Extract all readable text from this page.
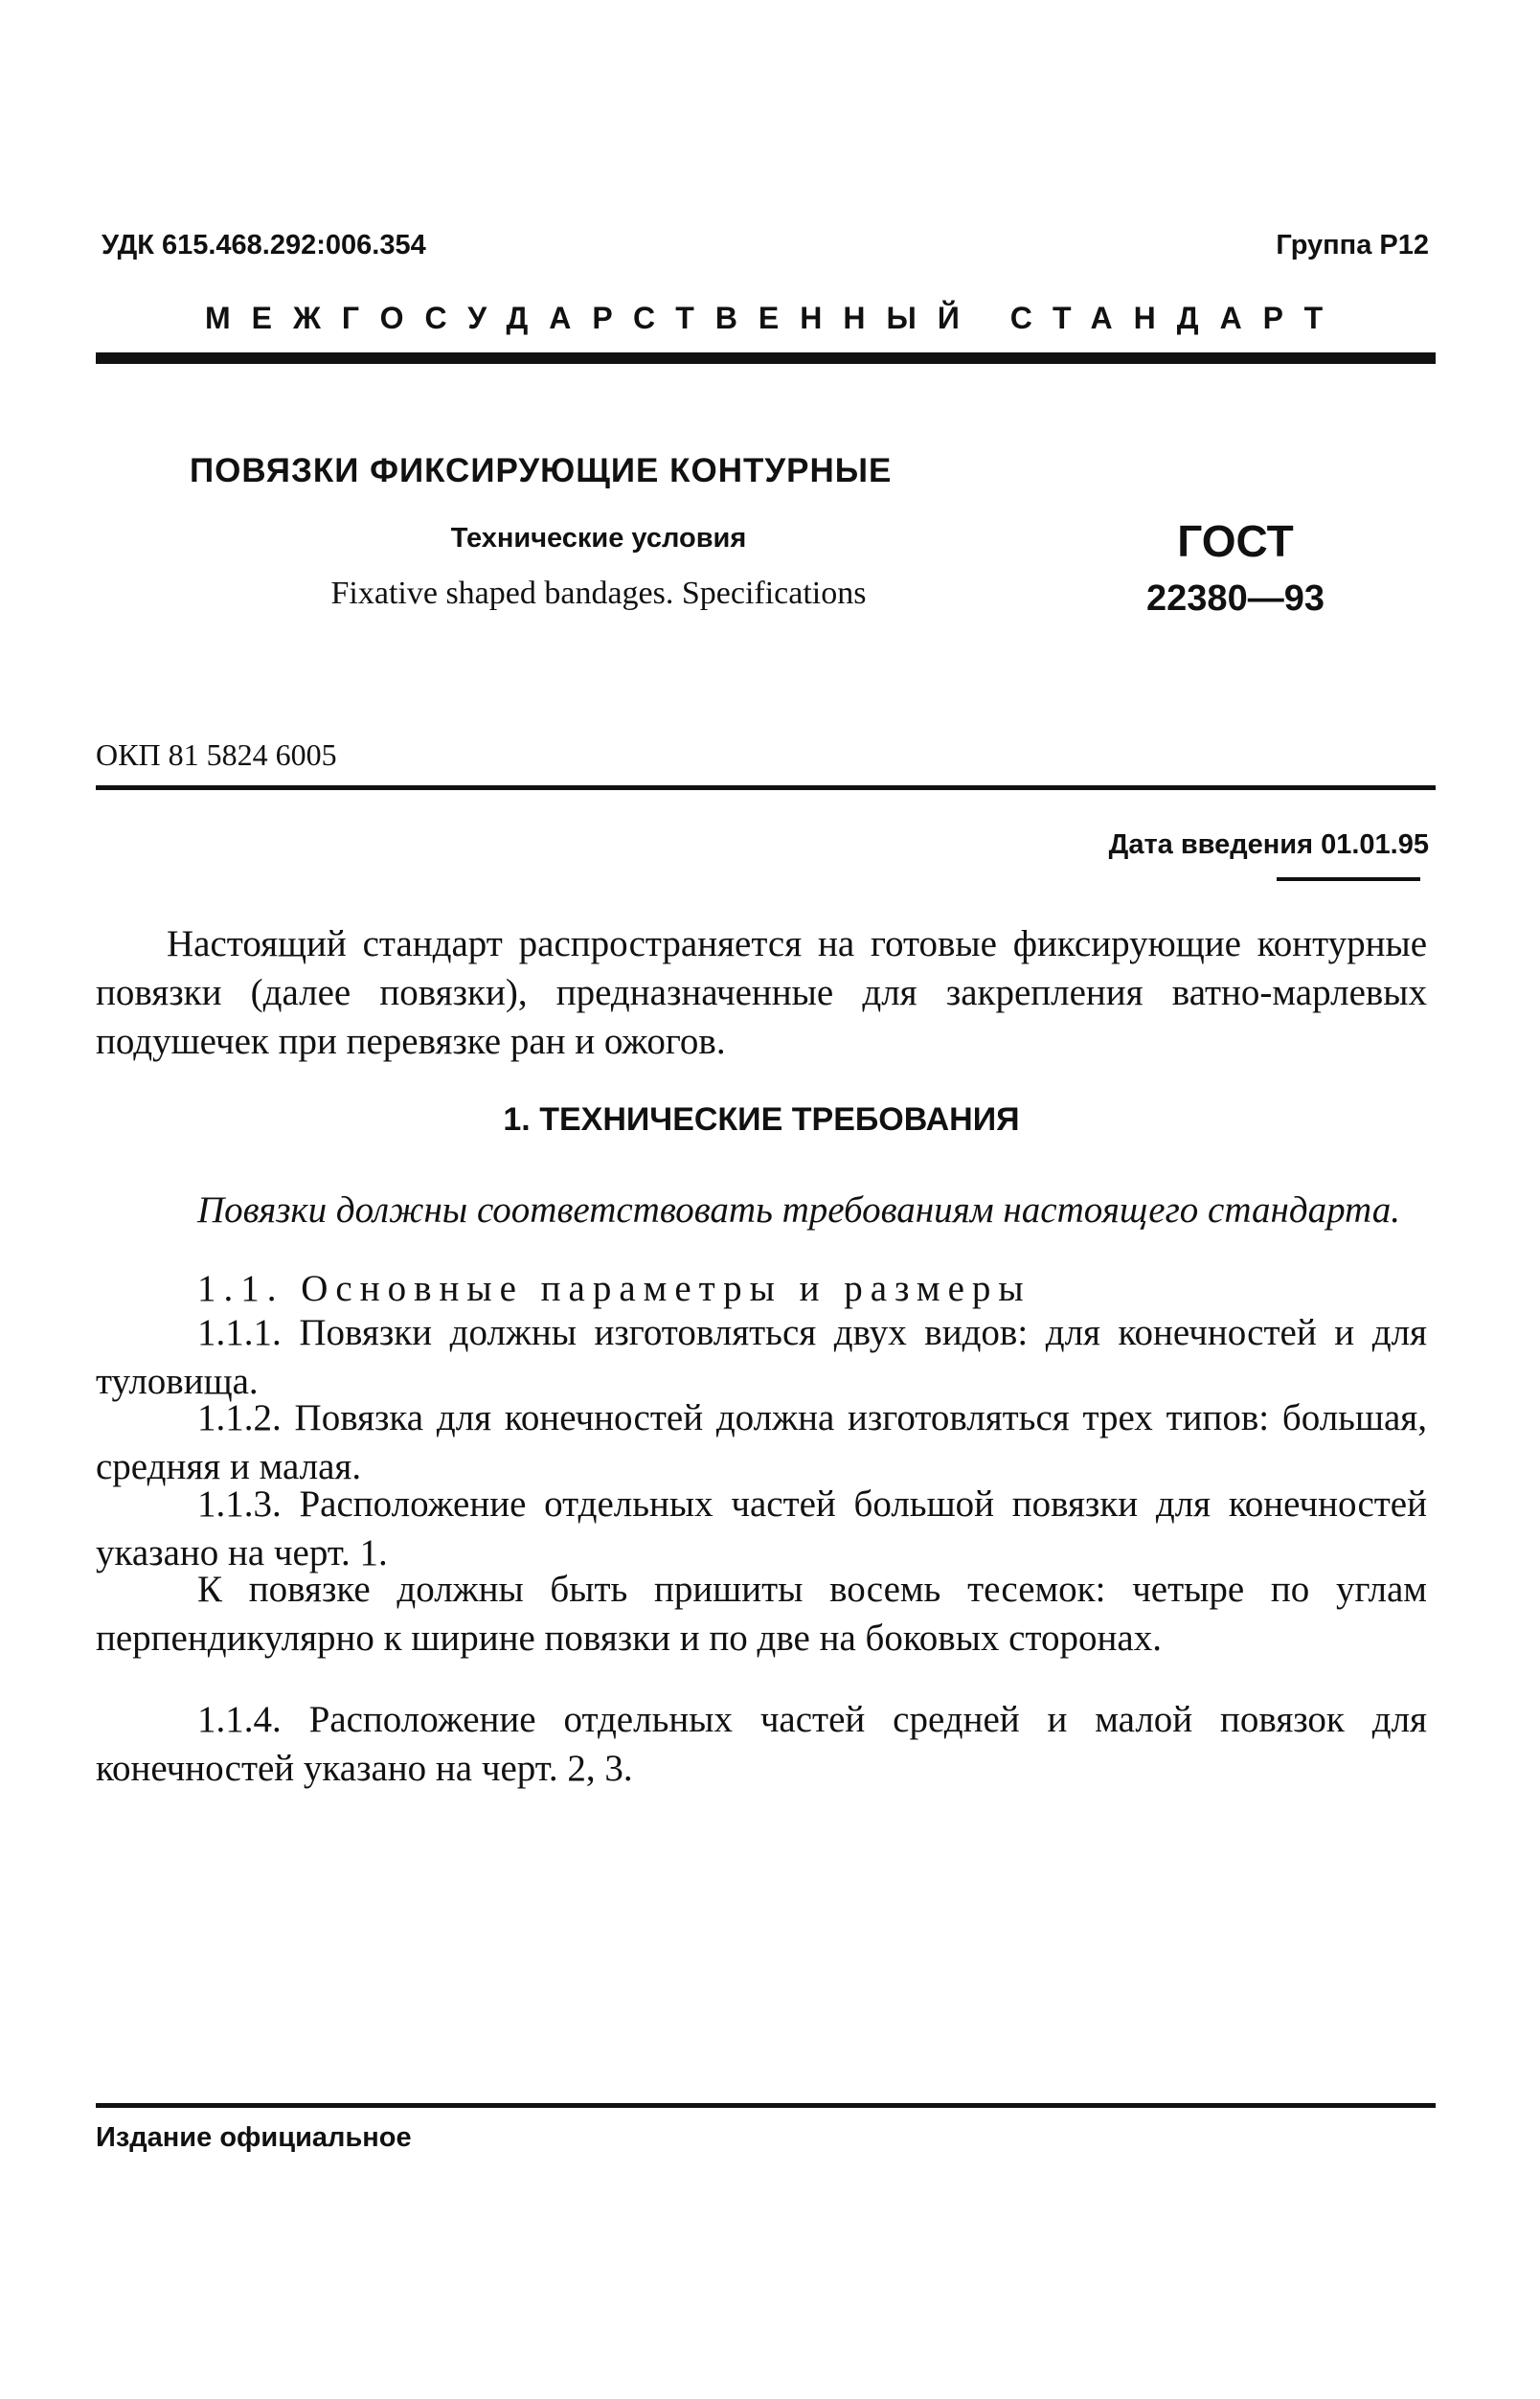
УДК 615.468.292:006.354	Группа Р12
МЕЖГОСУДАРСТВЕННЫЙ СТАНДАРТ
ПОВЯЗКИ ФИКСИРУЮЩИЕ КОНТУРНЫЕ
Технические условия
Fixative shaped bandages. Specifications
ГОСТ
22380—93
ОКП 81 5824 6005
Дата введения 01.01.95
Настоящий стандарт распространяется на готовые фиксирующие контурные повязки (далее повязки), предназначенные для закрепления ватно-марлевых подушечек при перевязке ран и ожогов.
1. ТЕХНИЧЕСКИЕ ТРЕБОВАНИЯ
Повязки должны соответствовать требованиям настоящего стандарта.
1.1. Основные параметры и размеры
1.1.1. Повязки должны изготовляться двух видов: для конечностей и для туловища.
1.1.2. Повязка для конечностей должна изготовляться трех типов: большая, средняя и малая.
1.1.3. Расположение отдельных частей большой повязки для конечностей указано на черт. 1.
К повязке должны быть пришиты восемь тесемок: четыре по углам перпендикулярно к ширине повязки и по две на боковых сторонах.
1.1.4. Расположение отдельных частей средней и малой повязок для конечностей указано на черт. 2, 3.
Издание официальное
